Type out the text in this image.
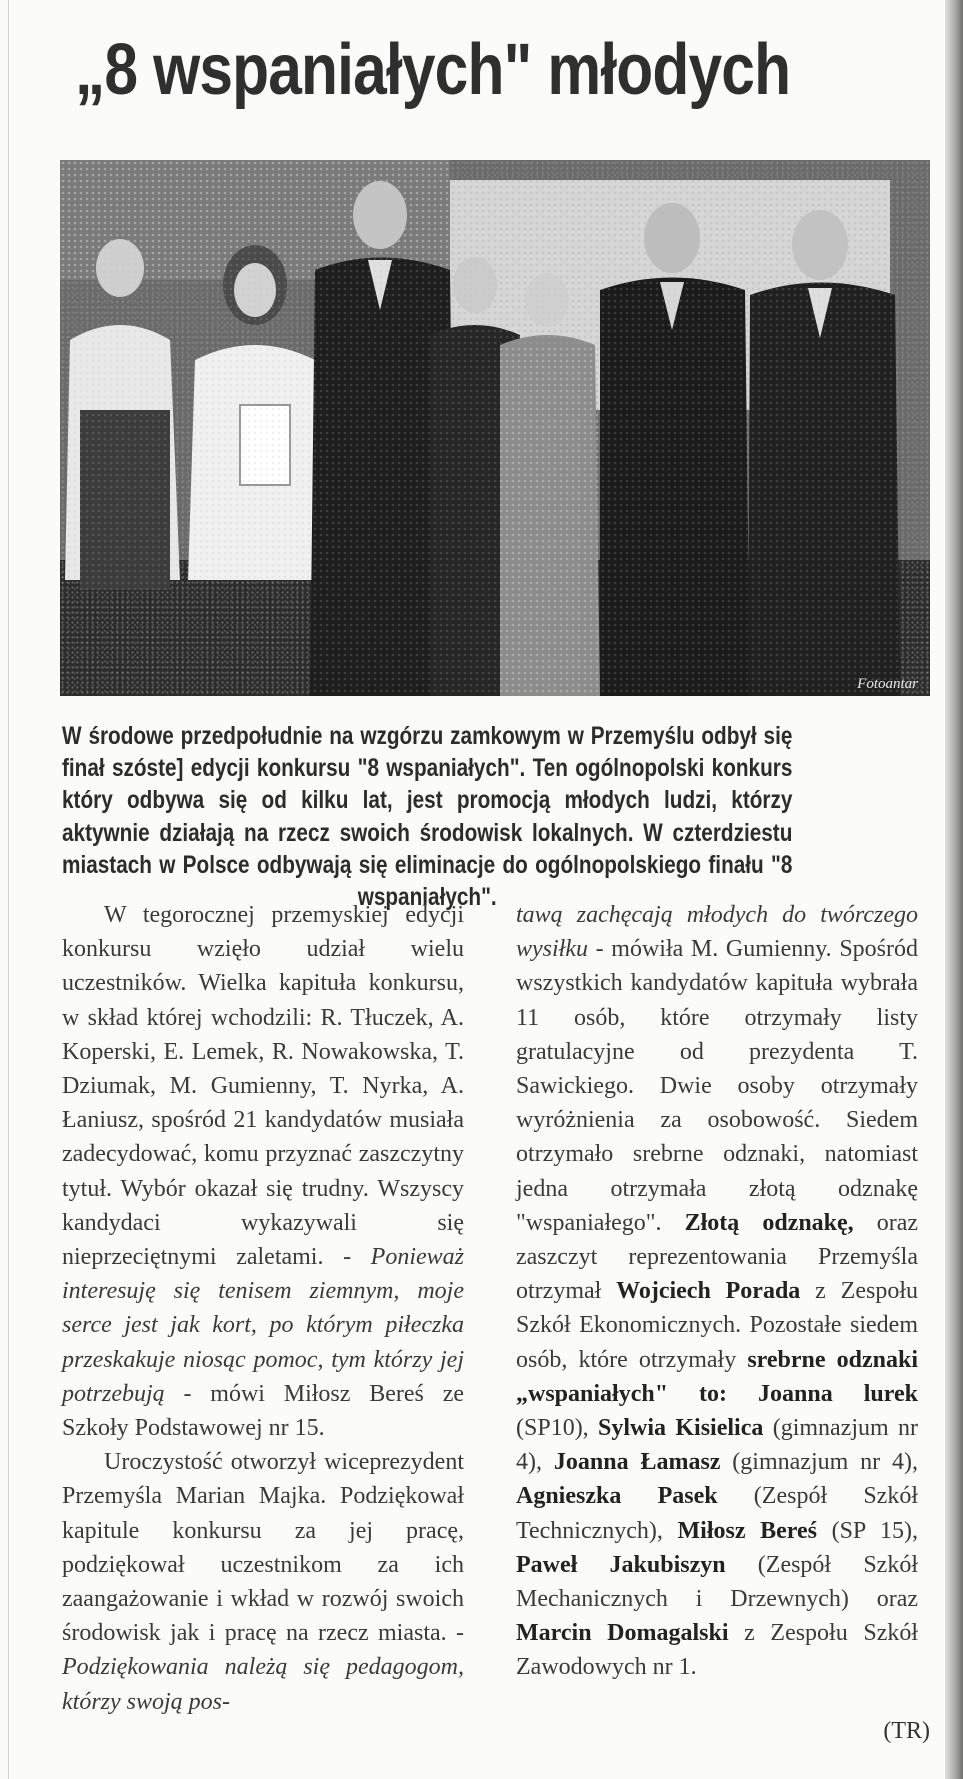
„8 wspaniałych" młodych
Fotoantar

W środowe przedpołudnie na wzgórzu zamkowym w Przemyślu odbył się finał szóste] edycji konkursu "8 wspaniałych". Ten ogólnopolski konkurs który odbywa się od kilku lat, jest promocją młodych ludzi, którzy aktywnie działają na rzecz swoich środowisk lokalnych. W czterdziestu miastach w Polsce odbywają się eliminacje do ogólnopolskiego finału "8 wspaniałych".

W tegorocznej przemyskiej edycji konkursu wzięło udział wielu uczestników. Wielka kapituła konkursu, w skład której wchodzili: R. Tłuczek, A. Koperski, E. Lemek, R. Nowakowska, T. Dziumak, M. Gumienny, T. Nyrka, A. Łaniusz, spośród 21 kandydatów musiała zadecydować, komu przyznać zaszczytny tytuł. Wybór okazał się trudny. Wszyscy kandydaci wykazywali się nieprzeciętnymi zaletami. - Ponieważ interesuję się tenisem ziemnym, moje serce jest jak kort, po którym piłeczka przeskakuje niosąc pomoc, tym którzy jej potrzebują - mówi Miłosz Bereś ze Szkoły Podstawowej nr 15.

Uroczystość otworzył wiceprezydent Przemyśla Marian Majka. Podziękował kapitule konkursu za jej pracę, podziękował uczestnikom za ich zaangażowanie i wkład w rozwój swoich środowisk jak i pracę na rzecz miasta. - Podziękowania należą się pedagogom, którzy swoją pos-

tawą zachęcają młodych do twórczego wysiłku - mówiła M. Gumienny. Spośród wszystkich kandydatów kapituła wybrała 11 osób, które otrzymały listy gratulacyjne od prezydenta T. Sawickiego. Dwie osoby otrzymały wyróżnienia za osobowość. Siedem otrzymało srebrne odznaki, natomiast jedna otrzymała złotą odznakę "wspaniałego". Złotą odznakę, oraz zaszczyt reprezentowania Przemyśla otrzymał Wojciech Porada z Zespołu Szkół Ekonomicznych. Pozostałe siedem osób, które otrzymały srebrne odznaki „wspaniałych" to: Joanna lurek (SP10), Sylwia Kisielica (gimnazjum nr 4), Joanna Łamasz (gimnazjum nr 4), Agnieszka Pasek (Zespół Szkół Technicznych), Miłosz Bereś (SP 15), Paweł Jakubiszyn (Zespół Szkół Mechanicznych i Drzewnych) oraz Marcin Domagalski z Zespołu Szkół Zawodowych nr 1.

(TR)
